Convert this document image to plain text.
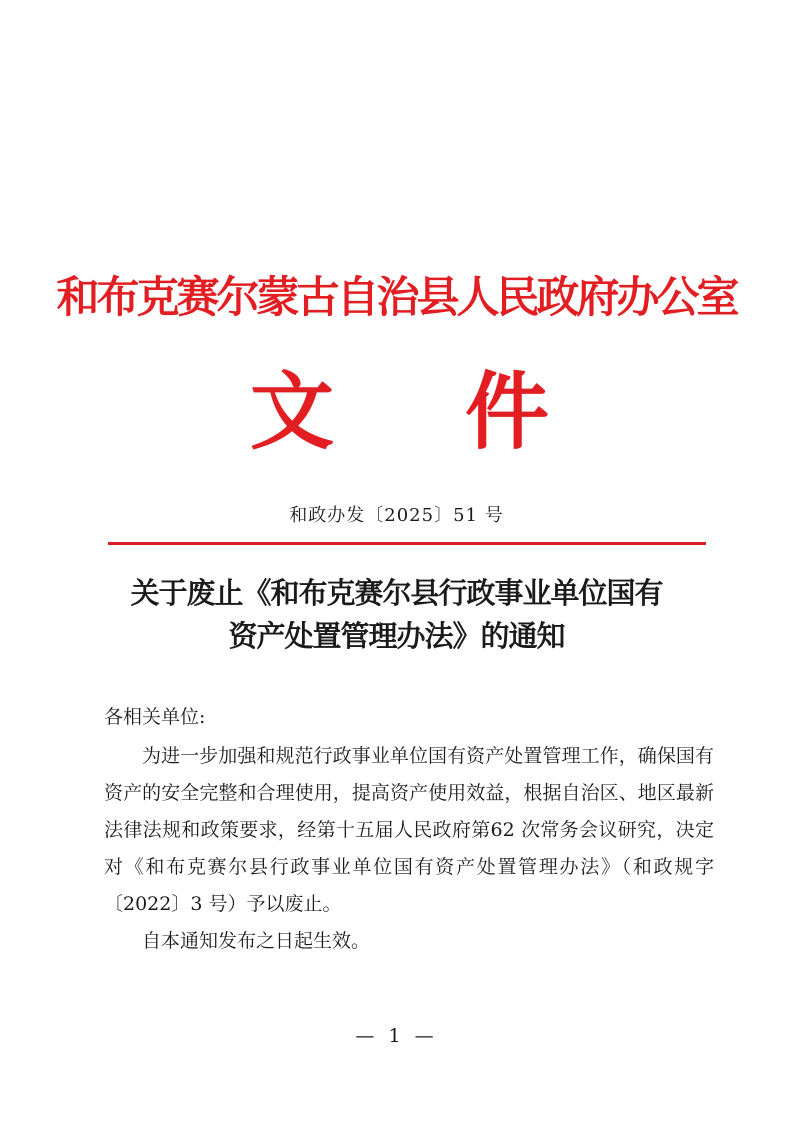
和布克赛尔蒙古自治县人民政府办公室
文 件
和政办发〔2025〕51 号
关于废止《和布克赛尔县行政事业单位国有
资产处置管理办法》的通知
各相关单位:

为进一步加强和规范行政事业单位国有资产处置管理工作，确保国有资产的安全完整和合理使用，提高资产使用效益，根据自治区、地区最新法律法规和政策要求，经第十五届人民政府第62 次常务会议研究，决定对《和布克赛尔县行政事业单位国有资产处置管理办法》（和政规字〔2022〕3 号）予以废止。

自本通知发布之日起生效。

— 1 —
